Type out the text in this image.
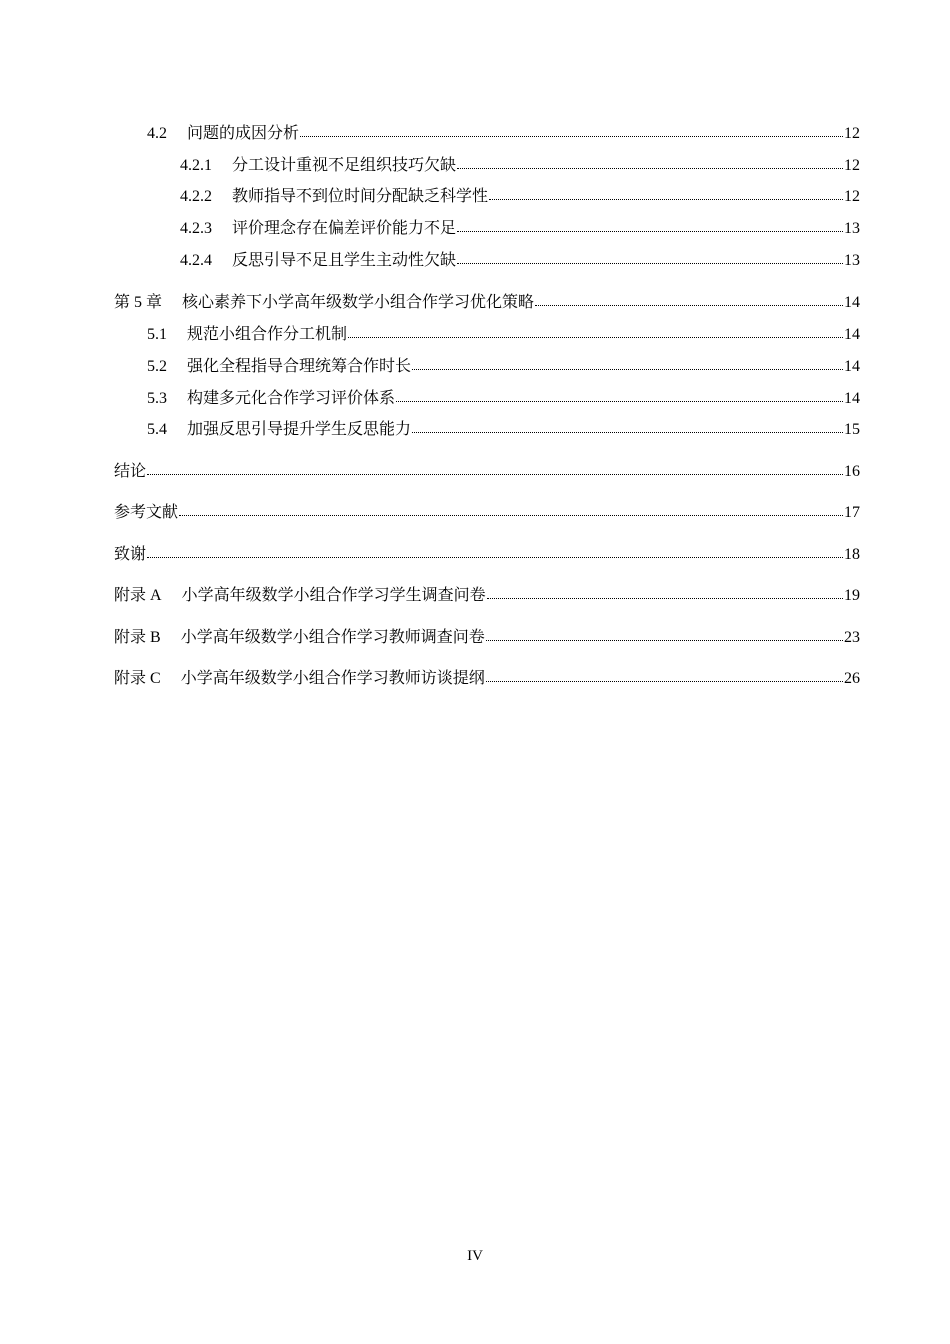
4.2	问题的成因分析	12
4.2.1	分工设计重视不足组织技巧欠缺	12
4.2.2	教师指导不到位时间分配缺乏科学性	12
4.2.3	评价理念存在偏差评价能力不足	13
4.2.4	反思引导不足且学生主动性欠缺	13
第 5 章	核心素养下小学高年级数学小组合作学习优化策略	14
5.1	规范小组合作分工机制	14
5.2	强化全程指导合理统筹合作时长	14
5.3	构建多元化合作学习评价体系	14
5.4	加强反思引导提升学生反思能力	15
结论	16
参考文献	17
致谢	18
附录 A	小学高年级数学小组合作学习学生调查问卷	19
附录 B	小学高年级数学小组合作学习教师调查问卷	23
附录 C	小学高年级数学小组合作学习教师访谈提纲	26
IV
